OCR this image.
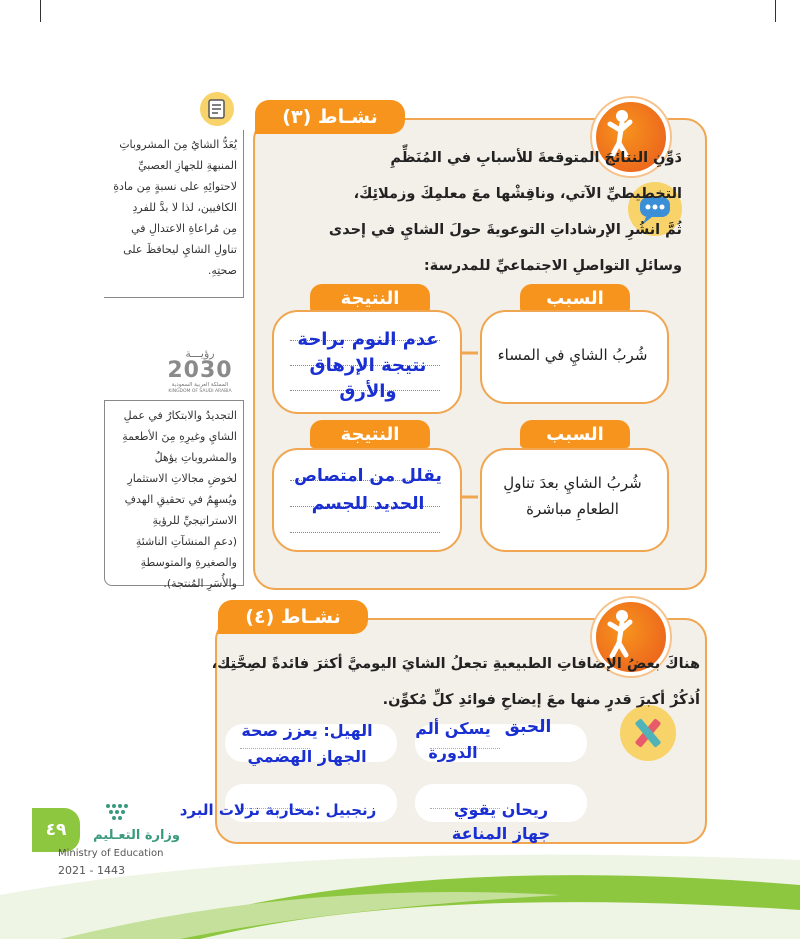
نشـاط (٣)
دَوِّنِ النتائجَ المتوقعةَ للأسبابِ في المُنَظِّمِ
التخطيطيِّ الآتي، وناقِشْها معَ معلمِكَ وزملائِكَ،
ثُمَّ انشُرِ الإرشاداتِ التوعويةَ حولَ الشايِ في إحدى
وسائلِ التواصلِ الاجتماعيِّ للمدرسة:
السبب
النتيجة
شُربُ الشايِ في المساء
عدم النوم براحة
نتيجة الإرهاق
والأرق
السبب
النتيجة
شُربُ الشايِ بعدَ تناولِ
الطعامِ مباشرة
يقلل من امتصاص
الحديد للجسم
نشـاط (٤)
هناكَ بعضُ الإضافاتِ الطبيعيةِ تجعلُ الشايَ اليوميَّ أكثرَ فائدةً لصِحَّتِك،
اُذكُرْ أكبرَ قدرٍ منها معَ إيضاحِ فوائدِ كلِّ مُكوِّن.
الحبق
يسكن ألم
الدورة
الهيل: يعزز صحة
الجهاز الهضمي
ريحان يقوي
جهاز المناعة
زنجبيل :محاربة نزلات البرد
يُعَدُّ الشايُ مِنَ المشروباتِ
المنبهةِ للجهازِ العصبيِّ
لاحتوائِهِ على نسبةٍ مِن مادةِ
الكافيين، لذا لا بدَّ للفردِ
مِن مُراعاةِ الاعتدالِ في
تناولِ الشايِ ليحافظَ على
صحتِهِ.
رؤيـــة
2030
المملكة العربية السعودية
KINGDOM OF SAUDI ARABIA
التجديدُ والابتكارُ في عملِ
الشايِ وغيرِهِ مِنَ الأطعمةِ
والمشروباتِ يؤهلُ
لخوضِ مجالاتِ الاستثمارِ
ويُسهِمُ في تحقيقِ الهدفِ
الاستراتيجيِّ للرؤيةِ
(دعمِ المنشآتِ الناشئةِ
والصغيرةِ والمتوسطةِ
والأُسَرِ المُنتجة).
٤٩	وزارة التعـليم
Ministry of Education
2021 - 1443
